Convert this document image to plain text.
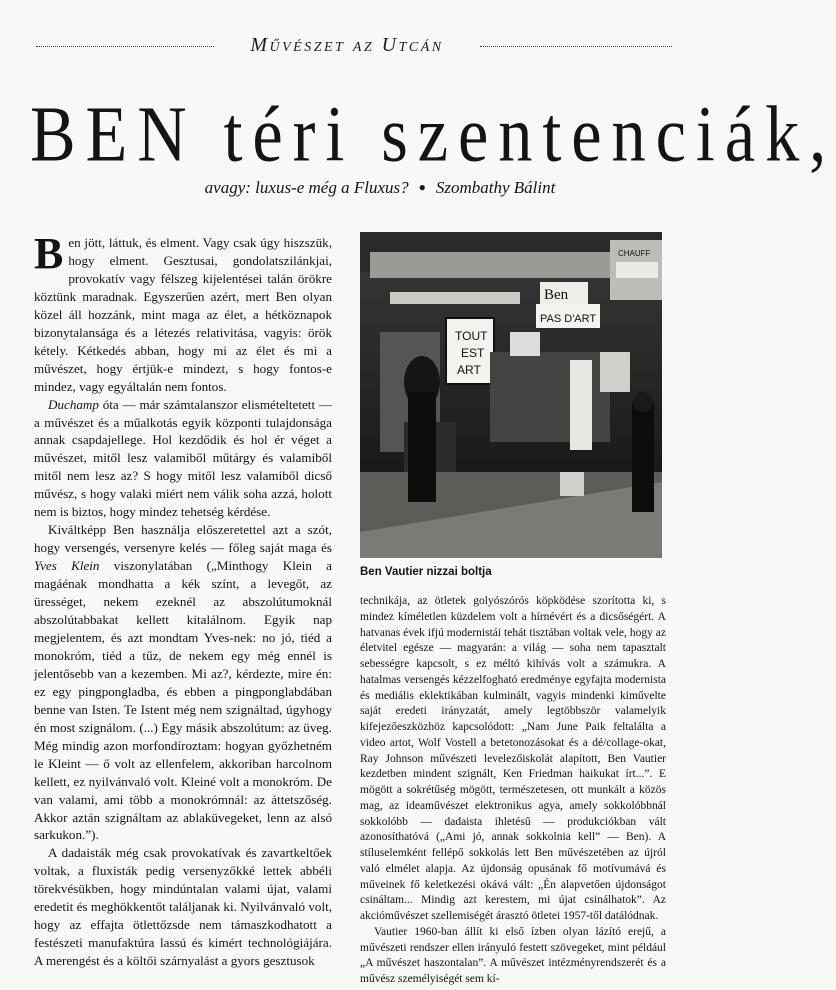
Művészet az Utcán
BEN téri szentenciák,
avagy: luxus-e még a Fluxus? ● Szombathy Bálint

Ben jött, láttuk, és elment. Vagy csak úgy hiszszük, hogy elment. Gesztusai, gondolatszilánkjai, provokatív vagy félszeg kijelentései talán örökre köztünk maradnak. Egyszerűen azért, mert Ben olyan közel áll hozzánk, mint maga az élet, a hétköznapok bizonytalansága és a létezés relativitása, vagyis: örök kétely. Kétkedés abban, hogy mi az élet és mi a művészet, hogy értjük-e mindezt, s hogy fontos-e mindez, vagy egyáltalán nem fontos.

Duchamp óta — már számtalanszor elismételtetett — a művészet és a műalkotás egyik központi tulajdonsága annak csapdajellege. Hol kezdődik és hol ér véget a művészet, mitől lesz valamiből műtárgy és valamiből mitől nem lesz az? S hogy mitől lesz valamiből dicső művész, s hogy valaki miért nem válik soha azzá, holott nem is biztos, hogy mindez tehetség kérdése.

Kiváltképp Ben használja előszeretettel azt a szót, hogy versengés, versenyre kelés — főleg saját maga és Yves Klein viszonylatában („Minthogy Klein a magáénak mondhatta a kék színt, a levegőt, az ürességet, nekem ezeknél az abszolútumoknál abszolútabbakat kellett kitalálnom. Egyik nap megjelentem, és azt mondtam Yves-nek: no jó, tiéd a monokróm, tiéd a tűz, de nekem egy még ennél is jelentősebb van a kezemben. Mi az?, kérdezte, mire én: ez egy pingpongladba, és ebben a pingponglabdában benne van Isten. Te Istent még nem szignáltad, úgyhogy én most szignálom. (...) Egy másik abszolútum: az üveg. Még mindig azon morfondíroztam: hogyan győzhetném le Kleint — ő volt az ellenfelem, akkoriban harcolnom kellett, ez nyilvánvaló volt. Kleiné volt a monokróm. De van valami, ami több a monokrómnál: az áttetszőség. Akkor aztán szignáltam az ablaküvegeket, lenn az alsó sarkukon.”).

A dadaisták még csak provokatívak és zavartkeltőek voltak, a fluxisták pedig versenyzőkké lettek abbéli törekvésükben, hogy mindúntalan valami újat, valami eredetit és meghökkentőt találjanak ki. Nyilvánvaló volt, hogy az effajta ötlettőzsde nem támaszkodhatott a festészeti manufaktúra lassú és kimért technológiájára. A merengést és a költői szárnyalást a gyors gesztusok

Ben
PAS D'ART
TOUT
EST
ART
CHAUFF
Ben Vautier nizzai boltja

technikája, az ötletek golyószórós köpködése szorította ki, s mindez kíméletlen küzdelem volt a hírnévért és a dicsőségért. A hatvanas évek ifjú modernistái tehát tisztában voltak vele, hogy az életvitel egésze — magyarán: a világ — soha nem tapasztalt sebességre kapcsolt, s ez méltó kihívás volt a számukra. A hatalmas versengés kézzelfogható eredménye egyfajta modernista és mediális eklektikában kulminált, vagyis mindenki kiművelte saját eredeti irányzatát, amely legtöbbször valamelyik kifejezőeszközhöz kapcsolódott: „Nam June Paik feltalálta a video artot, Wolf Vostell a betetonozásokat és a dé/collage-okat, Ray Johnson művészeti levelezőiskolát alapított, Ben Vautier kezdetben mindent szignált, Ken Friedman haikukat írt...”. E mögött a sokrétűség mögött, természetesen, ott munkált a közös mag, az ideaművészet elektronikus agya, amely sokkolóbbnál sokkolóbb — dadaista ihletésű — produkciókban vált azonosíthatóvá („Ami jó, annak sokkolnia kell” — Ben). A stíluselemként fellépő sokkolás lett Ben művészetében az újról való elmélet alapja. Az újdonság opusának fő motívumává és műveinek fő keletkezési okává vált: „Én alapvetően újdonságot csináltam... Mindig azt kerestem, mi újat csinálhatok”. Az akcióművészet szellemiségét árasztó ötletei 1957-től datálódnak.

Vautier 1960-ban állít ki első ízben olyan lázító erejű, a művészeti rendszer ellen irányuló festett szövegeket, mint például „A művészet haszontalan”. A művészet intézményrendszerét és a művész személyiségét sem kí-
